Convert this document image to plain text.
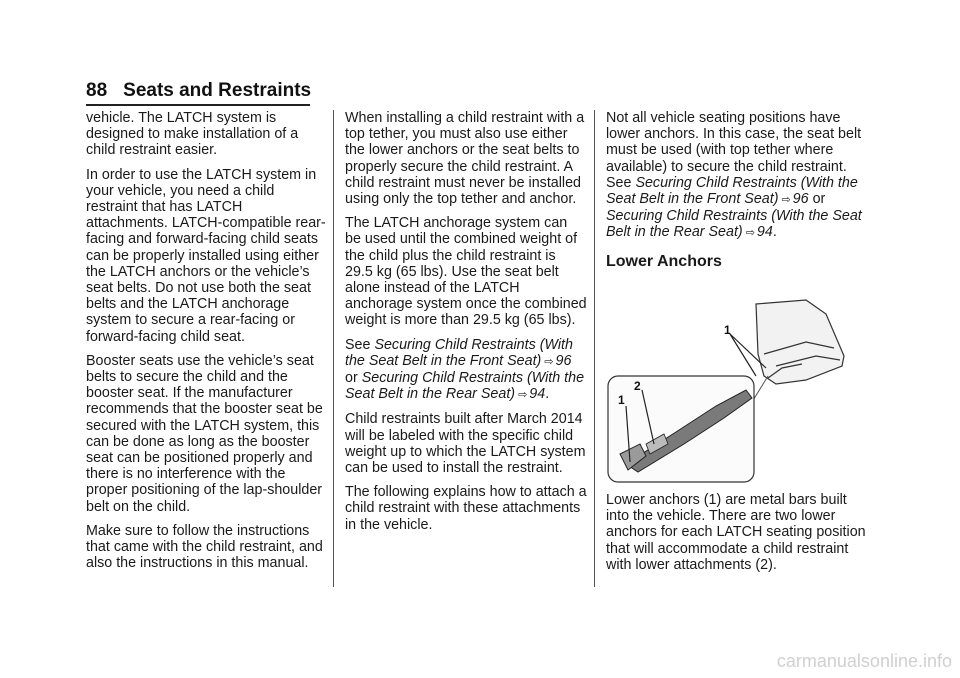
88 Seats and Restraints

vehicle. The LATCH system is designed to make installation of a child restraint easier.

In order to use the LATCH system in your vehicle, you need a child restraint that has LATCH attachments. LATCH-compatible rear-facing and forward-facing child seats can be properly installed using either the LATCH anchors or the vehicle’s seat belts. Do not use both the seat belts and the LATCH anchorage system to secure a rear-facing or forward-facing child seat.

Booster seats use the vehicle’s seat belts to secure the child and the booster seat. If the manufacturer recommends that the booster seat be secured with the LATCH system, this can be done as long as the booster seat can be positioned properly and there is no interference with the proper positioning of the lap-shoulder belt on the child.

Make sure to follow the instructions that came with the child restraint, and also the instructions in this manual.

When installing a child restraint with a top tether, you must also use either the lower anchors or the seat belts to properly secure the child restraint. A child restraint must never be installed using only the top tether and anchor.

The LATCH anchorage system can be used until the combined weight of the child plus the child restraint is 29.5 kg (65 lbs). Use the seat belt alone instead of the LATCH anchorage system once the combined weight is more than 29.5 kg (65 lbs).

See Securing Child Restraints (With the Seat Belt in the Front Seat) ⇨ 96 or Securing Child Restraints (With the Seat Belt in the Rear Seat) ⇨ 94.

Child restraints built after March 2014 will be labeled with the specific child weight up to which the LATCH system can be used to install the restraint.

The following explains how to attach a child restraint with these attachments in the vehicle.

Not all vehicle seating positions have lower anchors. In this case, the seat belt must be used (with top tether where available) to secure the child restraint.
See Securing Child Restraints (With the Seat Belt in the Front Seat) ⇨ 96 or Securing Child Restraints (With the Seat Belt in the Rear Seat) ⇨ 94.

Lower Anchors
1
2
1
Lower anchors (1) are metal bars built into the vehicle. There are two lower anchors for each LATCH seating position that will accommodate a child restraint with lower attachments (2).
carmanualsonline.info
